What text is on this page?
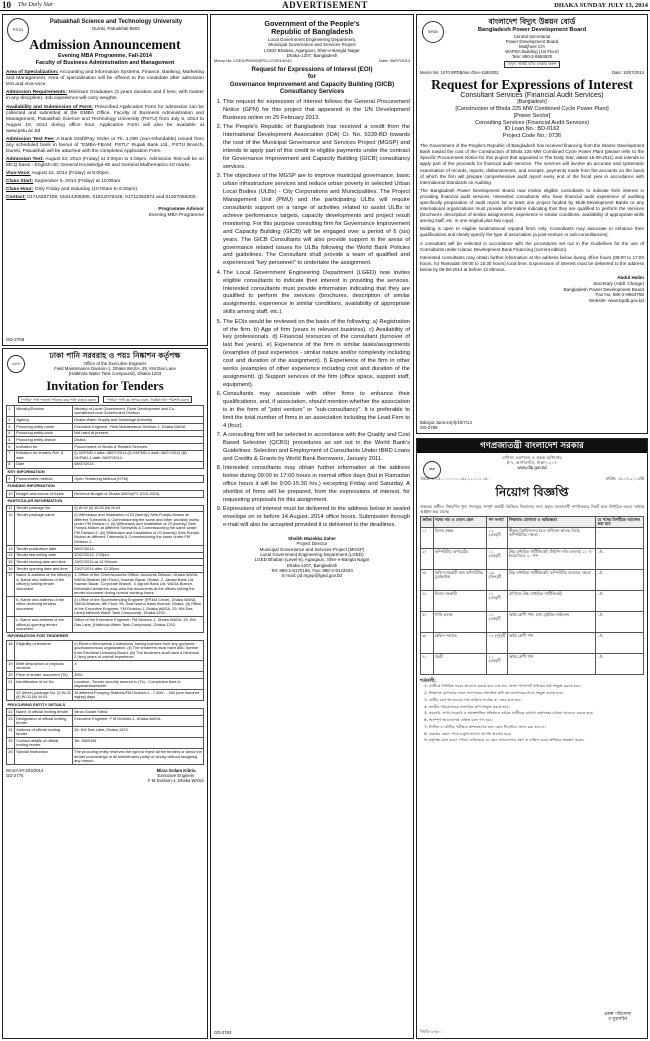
10 The Daily Star	ADVERTISEMENT	DHAKA SUNDAY JULY 13, 2014
PSTU
Patuakhali Science and Technology University
Dumki, Patuakhali-8602
Admission Announcement
Evening MBA Programme, Fall-2014
Faculty of Business Administration and Management

Area of Specialization: Accounting and Information Systems, Finance, Banking, Marketing and Management. Area of specialization will be offered to the candidate after admission test and viva-voce.

Admission Requirements: Minimum Graduates (3 years duration and if less, with master in any discipline). Job experience will carry weights.

Availability and Submission of Form: Prescribed Application Form for admission can be collected and submitted at the EMBA Office, Faculty of Business Administration and Management, Patuakhali Science and Technology University (PSTU) from July 5, 2014 to August 19, 2014 during office hour. Application Form will also be available at www.pstu.ac.bd

Admission Test Fee: A Bank Draft/Pay Order or Tk. 1,000 (non-refundable) issued from any scheduled bank in favour of "EMBA-FBAM, PSTU" Rupali Bank Ltd., PSTU Branch, Dumki, Patuakhali will be attached with the completed Application Form.

Admission Test: August 22, 2014 (Friday) at 3:00pm to 4:00pm. Admission Test will be on MCQ basis - English-30; General Knowledge-60 and General Mathematics-10 marks.

Viva-Voce: August 22, 2014 (Friday) at 5:00pm.

Class Start: September 5, 2014 (Friday) at 10:00am.

Class Hour: Only Friday and Saturday (10.00am to 6.00pm).

Contact: 01716287109, 01914209306, 01812076429, 01711352874 and 01927066300.

Programme Advisor
Evening MBA Programme
GD-2768
ওয়াসা
ঢাকা পানি সরবরাহ ও পয়ঃ নিষ্কাশন কর্তৃপক্ষ
Office of the Executive Engineer
Field Maintenance Division-1, Dhaka WASA, 29, KM Das Lane
(Hatkhola Water Tank Compound), Dhaka-1203
Invitation for Tenders
"পানির" পানি শতভাগ পরিশুদ্ধ করে পানি ব্যবহার করুন।	"পানির" পানি কম অপচয় করুন, নিয়মিত বিল পরিশোধ করুন।
1	Ministry/Division	Ministry of Local Government, Rural Development and Co-operatives/Local Government Division
2	Agency	Dhaka Water Supply and Sewerage Authority.
3	Procuring entity name	Executive Engineer, Field Maintenance Division-1, Dhaka WASA
4	Procuring entity code	Not used at present.
5	Procuring entity district	Dhaka.
6	Invitation for	Procurement of Works & Related Services.
7	Invitation for tenders Ref. & date	(i) 02/FMD-1 date: 08/07/2014 (ii) 03/FMD-1 date: 08/07/2014 (iii) 04/FMD-1 date: 08/07/2014.
8	Date	08/07/2014.
KEY INFORMATION		
9	Procurement method	Open Tendering Method (OTM).
FUNDING INFORMATION		
10	Budget and source of funds	Revenue Budget of Dhaka WASA(FY 2014-2015).
PARTICULAR INFORMATION		
11	Tender package No.	(i) W-02 (ii) W-03 (iii) W-04
12	Tender package name	(i) Withdrawn and Installation of 20 (twenty) Sets Pumps-Motors at different Tubewells & Commissioning the same and other ancillary works under FM Division-1. (ii) Withdrawn and Installation of 20 (twenty) Sets Pumps-Motors at different Tubewells & Commissioning the same under FM Division-1. (iii) Withdrawn and Installation of 20 (twenty) Sets Pumps-Motors at different Tubewells & Commissioning the same under FM Division-1.
13	Tender publication date	08/07/2014.
14	Tender last selling date	22/07/2014, 2.00pm.
15	Tender closing date and time	23/07/2014 at 12.00noon.
16	Tender opening date and time	23/07/2014 after 12.30pm.
17	Name & address of the office(s) a. Name and address of the office(s) selling tender document	1. Office of the Chief Accounts Officer, Accounts Division, Dhaka WASA, WASA Bhaban (4th Floor), Kawran Bazar, Dhaka. 2. Janata Bank Ltd, Kawran Bazar, Corporate Branch. 3. Agrani Bank Ltd, WASA Branch. Interested tenderers may view the documents at the offices selling the tender document during normal working hours.
	b. Name and address of the office receiving tenders document	(i) Office of the Superintending Engineer (RP&M Circle), Dhaka WASA, WASA Bhaban, 8th Floor, 98, Kazi Nazrul Islam Avenue, Dhaka. (ii) Office of the Executive Engineer, FM Division-1, Dhaka WASA, 29, KM Das Lane(Hatkhola Water Tank Compound), Dhaka-1203.
	c. Name and address of the office(s) opening tender document	Office of the Executive Engineer, FM Division-1, Dhaka WASA, 29, KM Das Lane, (Hatkhola Water Tank Compound), Dhaka-1203.
INFORMATION FOR TENDERER		
18	Eligibility of tenderer	(i) Electro-Mechanical Contractors' having licenses from any gov/semi-gov/autonomous organization. (ii) The tenderers must have ABC license from Electrical Licensing Board. (iii) The tenderers shall have a minimum 2 (two) years of overall experience.
19	Brief description of physical services	X
20	Price of tender document (Tk)	300/-
21	Identification of lot No.	Location - Tender security amount in (Tk) - Completion time in days/weeks/month
	03 (three) package No. (i) W-02 (ii) W-03 (iii) W-04	At different Pumping Stations/FM Division-1 - 7,400/- - 180 (one hundred eighty) days
PROCURING ENTITY DETAILS		
22	Name of official inviting tender	Mirza Golam Kibria.
23	Designation of official inviting tender	Executive Engineer, F M Division-1, Dhaka WASA.
24	Address of official inviting tender	29, KM Das Lane, Dhaka-1203.
25	Contact details of official inviting tender	Tel: 9560194.
26	Special instruction	The procuring entity reserves the right to reject all the tenders or annul the tender proceedings or all bids/tenders partly or wholly without assigning any reason.
WASA-PI-203/2014
GD-2776
Mirza Golam Kibria
Executive Engineer
F M Division-1, Dhaka WASA
Government of the People's
Republic of Bangladesh
Local Government Engineering Department,
Municipal Governance and Services Project
LGED Bhaban, Agargaon, Sher-e-Bangla Nagar
Dhaka-1207, Bangladesh
Memo No. LGED/PD/MGSP/C-07/2014/142	Date: 08/07/2014
Request for Expressions of Interest (EOI)
for
Governance Improvement and Capacity Building (GICB) Consultancy Services
1. This request for expression of interest follows the General Procurement Notice (GPN) for this project that appeared in the UN Development Business online on 25 February 2013.
2. The People's Republic of Bangladesh has received a credit from the International Development Association (IDA) Cr. No. 5339-BD towards the cost of the Municipal Governance and Services Project (MGSP) and intends to apply part of this credit to eligible payments under the contract for Governance Improvement and Capacity Building (GICB) consultancy services.
3. The objectives of the MGSP are to improve municipal governance, basic urban infrastructure services and reduce urban poverty in selected Urban Local Bodies (ULBs) - City Corporations and Municipalities. The Project Management Unit (PMU) and the participating ULBs will require consultants support on a range of activities related to assist ULBs to achieve performance targets, capacity developments and project result monitoring. For this purpose consulting firm for Governance Improvement and Capacity Building (GICB) will be engaged over a period of 6 (six) years. The GICB Consultants will also provide support in the areas of governance related issues for ULBs following the World Bank Policies and guidelines. The Consultant shall provide a team of qualified and experienced "key personnel" to undertake the assignment.
4. The Local Government Engineering Department (LGED) now invites eligible consultants to indicate their interest in providing the services. Interested consultants must provide information indicating that they are qualified to perform the services (brochures, description of similar assignments, experience in similar conditions, availability of appropriate skills among staff, etc.).
5. The EOIs would be reviewed on the basis of the following: a) Registration of the firm. b) Age of firm (years in relevant business). c) Availability of key professionals. d) Financial resources of the consultant (turnover of last five years). e) Experience of the firm in similar tasks/assignments (examples of past experience - similar nature and/or complexity including cost and duration of the assignment). f) Experience of the firm in other works (examples of other experience including cost and duration of the assignment). g) Support services of the firm (office space, support staff, equipment).
6. Consultants may associate with other firms to enhance their qualifications, and, if association, should mention whether the association is in the form of "joint venture" or "sub-consultancy". It is preferable to limit the total number of firms in an association including the Lead Firm to 4 (four).
7. A consulting firm will be selected in accordance with the Quality and Cost Based Selection (QCBS) procedures as set out in the World Bank's Guidelines: Selection and Employment of Consultants Under IBRD Loans and Credits & Grants by World Bank Borrowers, January 2011.
8. Interested consultants may obtain further information at the address below during 09:00 to 17:00 hours in normal office days (but in Ramadan office hours it will be 9:00-15:30 hrs.) excepting Friday and Saturday. A shortlist of firms will be prepared, from the expressions of interest, for requesting proposals for this assignment.
9. Expressions of interest must be delivered to the address below in sealed envelope on or before 14 August, 2014 office hours. Submission through e-mail will also be accepted provided it is delivered to the deadlines.
Sheikh Mazekka Zaher
Project Director
Municipal Governance and Services Project (MGSP)
Local Government Engineering Department (LGED)
LGED Bhaban (Level-6), Agargaon, Sher-e-Bangla Nagar
Dhaka-1207, Bangladesh
Tel: 880-2-8170186, Fax: 880-2-9143294
E-mail: pd.mgsp@lged.gov.bd
GD-2763
BPDB
বাংলাদেশ বিদ্যুৎ উন্নয়ন বোর্ড
Bangladesh Power Development Board
Central Secretariat
Power Development Board
Motijheel C/A
WAPDA Building (1st Floor)
Tele: 880-2-9554920
বিদ্যুৎ সাশ্রয়ী বাতি ব্যবহার করুন
Memo No: 1470 BPDB/sec./Dev-158/2002	Date: 10/07/2014
Request for Expressions of Interest
Consultant Services (Financial Audit Services)
[Bangladesh]
[Construction of Bhola 225 MW Combined Cycle Power Plant]
[Power Sector]
Consulting Services (Financial Audit Services)
ID Loan No.: BD-0162
Project Code No.: 9736

The Government of the People's Republic of Bangladesh has received financing from the Islamic Development Bank toward the cost of the Construction of Bhola 225 MW Combined Cycle Power Plant (please refer to the Specific Procurement Notice for this project that appeared in The Daily Star, dated 15-08-2011) and intends to apply part of the proceeds for financial audit services. The services will involve an accurate and systematic examination of records, reports, disbursements, and receipts, payments made from the accounts on the basis of which the firm will prepare comprehensive audit report every end of the fiscal year in accordance with International Standards on Auditing.

The Bangladesh Power Development Board now invites eligible consultants to indicate their interest in providing financial audit services. Interested consultants who have financial audit experience of auditing specifically preparation of audit report for at least one project funded by Multi-Development Banks or any international organizations must provide information indicating that they are qualified to perform the services (brochures, description of similar assignments, experience in similar conditions, availability of appropriate skills among staff, etc. in one original plus two copy).

Bidding is open to eligible local/national reputed firms only. Consultants may associate to enhance their qualifications and clearly specify the type of association (a joint-venture or sub-consultancies).

A consultant will be selected in accordance with the procedures set out in the Guidelines for the use of Consultants under Islamic Development Bank Financing (current edition).

Interested consultants may obtain further information at the address below during office hours (09:00 to 17:00 hours, for Ramadan 09:00 to 15:30 hours) local time. Expressions of interest must be delivered to the address below by 06-08-2014 at before 12.00noon.

Abdul Halim
Secretary (Addl. Charge)
Bangladesh Power Development Board
Fax No. 880-2-9564765
Website: www.bpdb.gov.bd
Bdidyut Jana-24(4)/10/7/14
GD-2789
গণপ্রজাতন্ত্রী বাংলাদেশ সরকার
seal
বাণিজ্য মন্ত্রণালয় ও প্রকল্প অধিদপ্তর
ই-৭, আগারগাঁও, ঢাকা-১২০৭
www.dfp.gov.bd
স্মারক নং-১৫.০০.০০০০.১৫২.১১.০০১.১৪-	তারিখ: ০৮-০৭-২০১৪খ্রি
নিয়োগ বিজ্ঞপ্তি

প্রকল্পের অধীনে নিম্নবর্ণিত শূন্য পদসমূহে সম্পূর্ণ অস্থায়ী ভিত্তিতে নিয়োগের জন্য প্রকৃত বাংলাদেশী নাগরিকদের নিকট হতে নির্ধারিত ফরমে দরখাস্ত আহ্বান করা যাচ্ছে।

ক্রমিক	পদের নাম ও বেতন স্কেল	পদ সংখ্যা	শিক্ষাগত যোগ্যতা ও অভিজ্ঞতা	যে পদের বিপরীতে আবেদন করা হবে
১।	হিসাব রক্ষক	০১ (এক)টি	স্বীকৃত বিশ্ববিদ্যালয় হতে বাণিজ্যে স্নাতক ডিগ্রি; কম্পিউটারে দক্ষতা	-
২।	কম্পিউটার অপারেটর	০১ (এক)টি	উচ্চ মাধ্যমিক সার্টিফিকেট; টাইপিং গতি বাংলায় ২০ ও ইংরেজিতে ২০ শব্দ	-ঐ-
৩।	অফিস সহকারী কাম কম্পিউটার মুদ্রাক্ষরিক	০৩ (তিন)টি	উচ্চ মাধ্যমিক সার্টিফিকেট; কম্পিউটার ব্যবহারে দক্ষতা	-ঐ-
৪।	হিসাব সহকারী	০১ (এক)টি	বাণিজ্যে উচ্চ মাধ্যমিক সার্টিফিকেট	-ঐ-
৫।	গাড়ি চালক	০১ (এক)টি	অষ্টম শ্রেণী পাশ; বৈধ ড্রাইভিং লাইসেন্স	-ঐ-
৬।	অফিস সহায়ক	০২ (দুই)টি	অষ্টম শ্রেণী পাশ	-ঐ-
৭।	প্রহরী	০১ (এক)টি	অষ্টম শ্রেণী পাশ	-ঐ-
শর্তাবলী:
1. প্রার্থীকে নির্ধারিত ফরমে আবেদন করতে হবে এবং সদ্য তোলা পাসপোর্ট সাইজের ছবি সংযুক্ত করতে হবে।
2. শিক্ষাগত যোগ্যতার সকল সনদপত্রের সত্যায়িত কপি আবেদনপত্রের সাথে সংযুক্ত করতে হবে।
3. প্রার্থীর বয়স আবেদনের শেষ তারিখে সর্বোচ্চ ৩০ বছর হতে হবে।
4. জাতীয় পরিচয়পত্রের সত্যায়িত কপি সংযুক্ত করতে হবে।
5. সরকারি, আধা-সরকারি ও স্বায়ত্তশাসিত প্রতিষ্ঠানে কর্মরত প্রার্থীদের যথাযথ কর্তৃপক্ষের মাধ্যমে আবেদন করতে হবে।
6. অসম্পূর্ণ আবেদনপত্র বাতিল বলে গণ্য হবে।
7. লিখিত ও মৌখিক পরীক্ষায় অংশগ্রহণের জন্য কোন টিএ/ডিএ প্রদান করা হবে না।
8. প্রকল্পের মেয়াদ শেষে চাকুরি আপনা আপনি অবসান হবে।
9. কর্তৃপক্ষ কোন কারণ দর্শানো ব্যতিরেকে যে কোন আবেদনপত্র গ্রহণ বা বাতিল করার অধিকার সংরক্ষণ করেন।
প্রকল্প পরিচালক
ও যুগ্মসচিব
জিডি-২৭৮০
